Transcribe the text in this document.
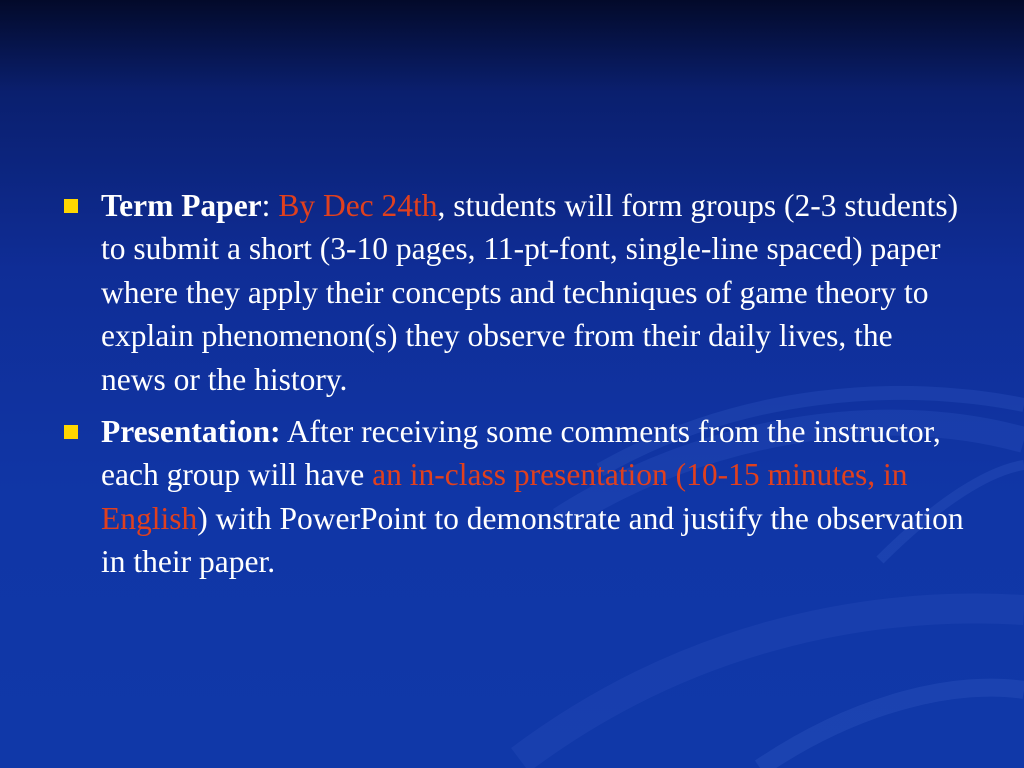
Term Paper: By Dec 24th, students will form groups (2-3 students) to submit a short (3-10 pages, 11-pt-font, single-line spaced) paper where they apply their concepts and techniques of game theory to explain phenomenon(s) they observe from their daily lives, the news or the history.
Presentation: After receiving some comments from the instructor, each group will have an in-class presentation (10-15 minutes, in English) with PowerPoint to demonstrate and justify the observation in their paper.
